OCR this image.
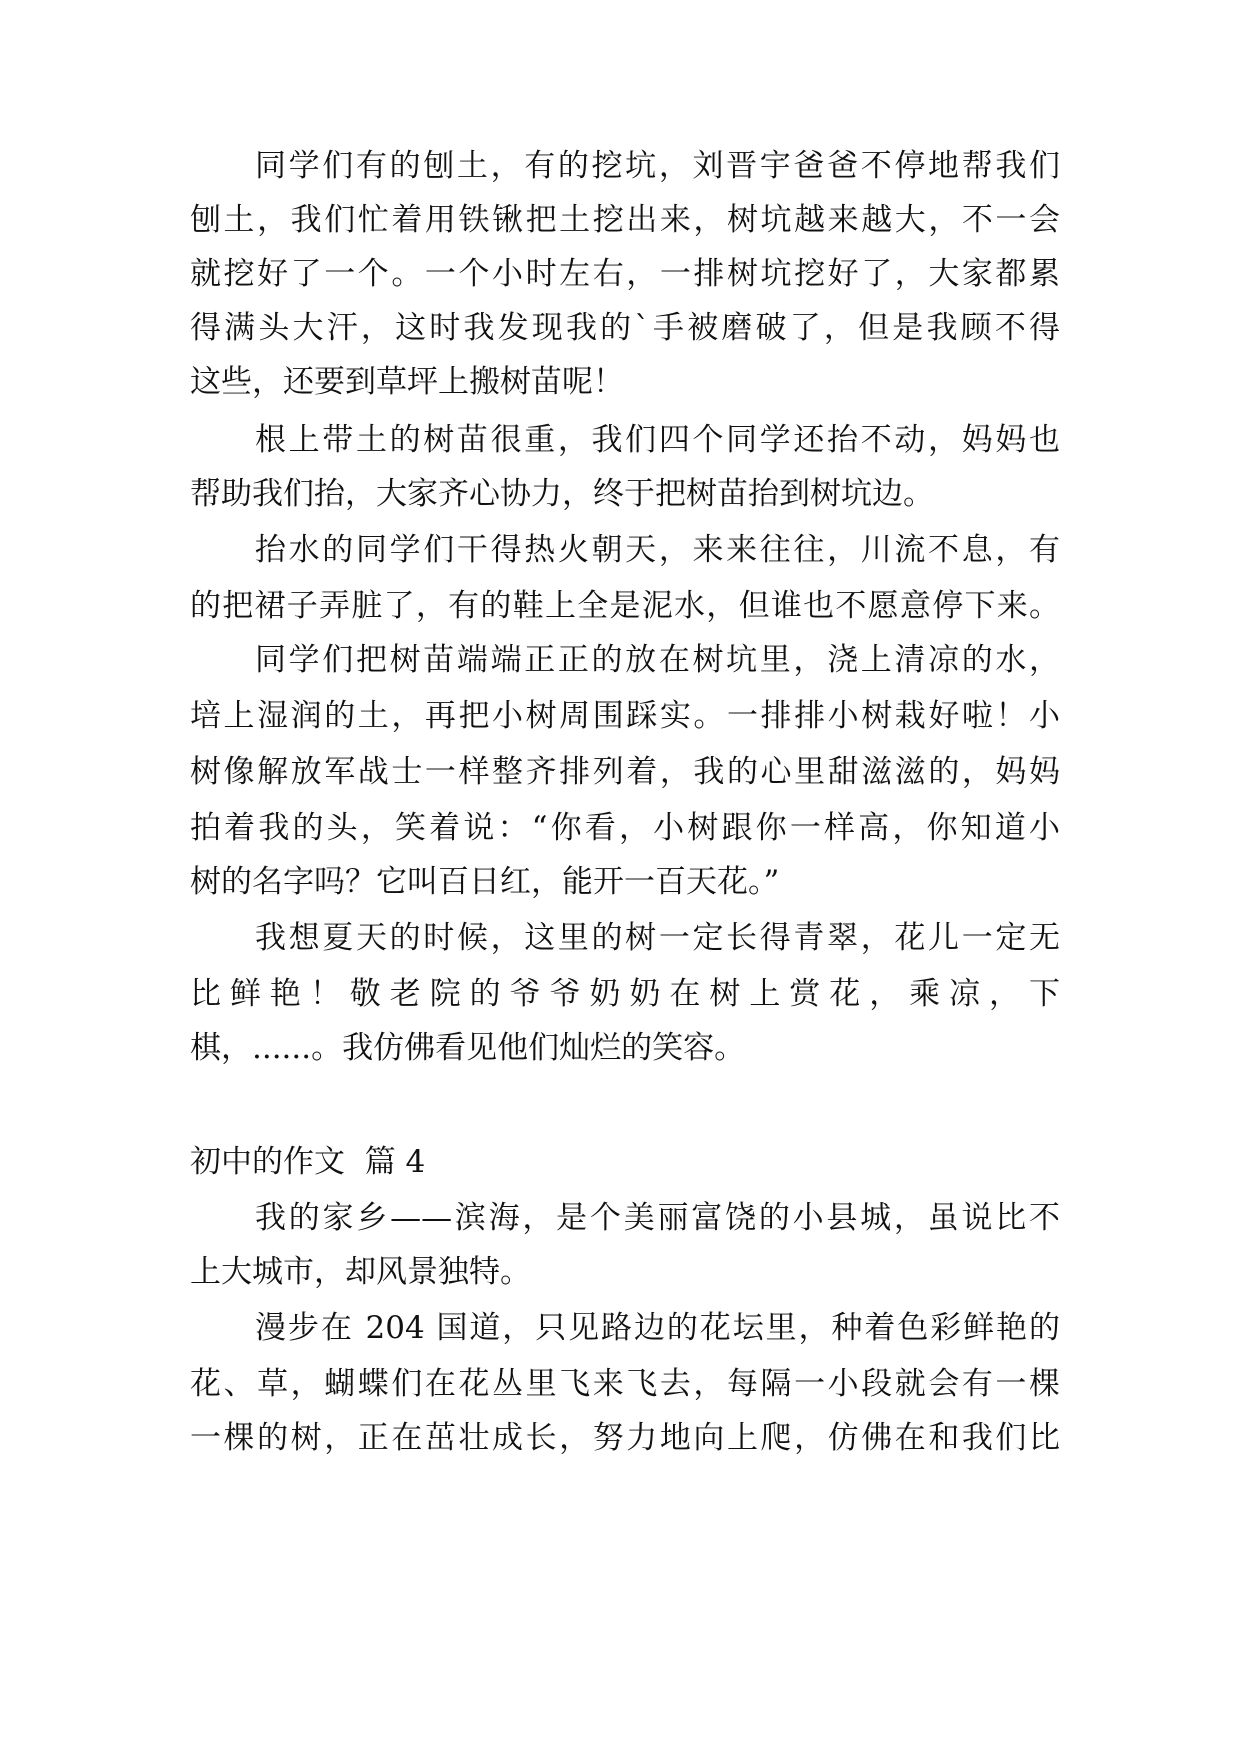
同学们有的刨土，有的挖坑，刘晋宇爸爸不停地帮我们

刨土，我们忙着用铁锹把土挖出来，树坑越来越大，不一会

就挖好了一个。一个小时左右，一排树坑挖好了，大家都累

得满头大汗，这时我发现我的`手被磨破了，但是我顾不得

这些，还要到草坪上搬树苗呢！

根上带土的树苗很重，我们四个同学还抬不动，妈妈也

帮助我们抬，大家齐心协力，终于把树苗抬到树坑边。

抬水的同学们干得热火朝天，来来往往，川流不息，有

的把裙子弄脏了，有的鞋上全是泥水，但谁也不愿意停下来。

同学们把树苗端端正正的放在树坑里，浇上清凉的水，

培上湿润的土，再把小树周围踩实。一排排小树栽好啦！小

树像解放军战士一样整齐排列着，我的心里甜滋滋的，妈妈

拍着我的头，笑着说：“你看，小树跟你一样高，你知道小

树的名字吗？它叫百日红，能开一百天花。”

我想夏天的时候，这里的树一定长得青翠，花儿一定无

比鲜艳！敬老院的爷爷奶奶在树上赏花，乘凉，下

棋，......。我仿佛看见他们灿烂的笑容。

初中的作文  篇 4

我的家乡——滨海，是个美丽富饶的小县城，虽说比不

上大城市，却风景独特。

漫步在 204 国道，只见路边的花坛里，种着色彩鲜艳的

花、草，蝴蝶们在花丛里飞来飞去，每隔一小段就会有一棵

一棵的树，正在茁壮成长，努力地向上爬，仿佛在和我们比
